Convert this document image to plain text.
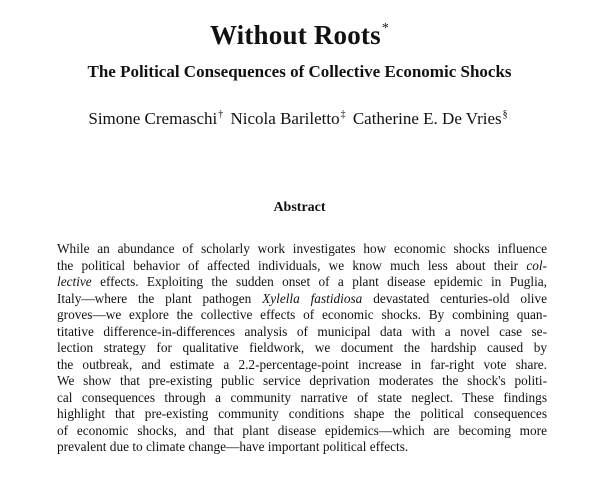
Without Roots*
The Political Consequences of Collective Economic Shocks
Simone Cremaschi† Nicola Bariletto‡ Catherine E. De Vries§
Abstract
While an abundance of scholarly work investigates how economic shocks influence
the political behavior of affected individuals, we know much less about their col-
lective effects. Exploiting the sudden onset of a plant disease epidemic in Puglia,
Italy—where the plant pathogen Xylella fastidiosa devastated centuries-old olive
groves—we explore the collective effects of economic shocks. By combining quan-
titative difference-in-differences analysis of municipal data with a novel case se-
lection strategy for qualitative fieldwork, we document the hardship caused by
the outbreak, and estimate a 2.2-percentage-point increase in far-right vote share.
We show that pre-existing public service deprivation moderates the shock's politi-
cal consequences through a community narrative of state neglect. These findings
highlight that pre-existing community conditions shape the political consequences
of economic shocks, and that plant disease epidemics—which are becoming more
prevalent due to climate change—have important political effects.
